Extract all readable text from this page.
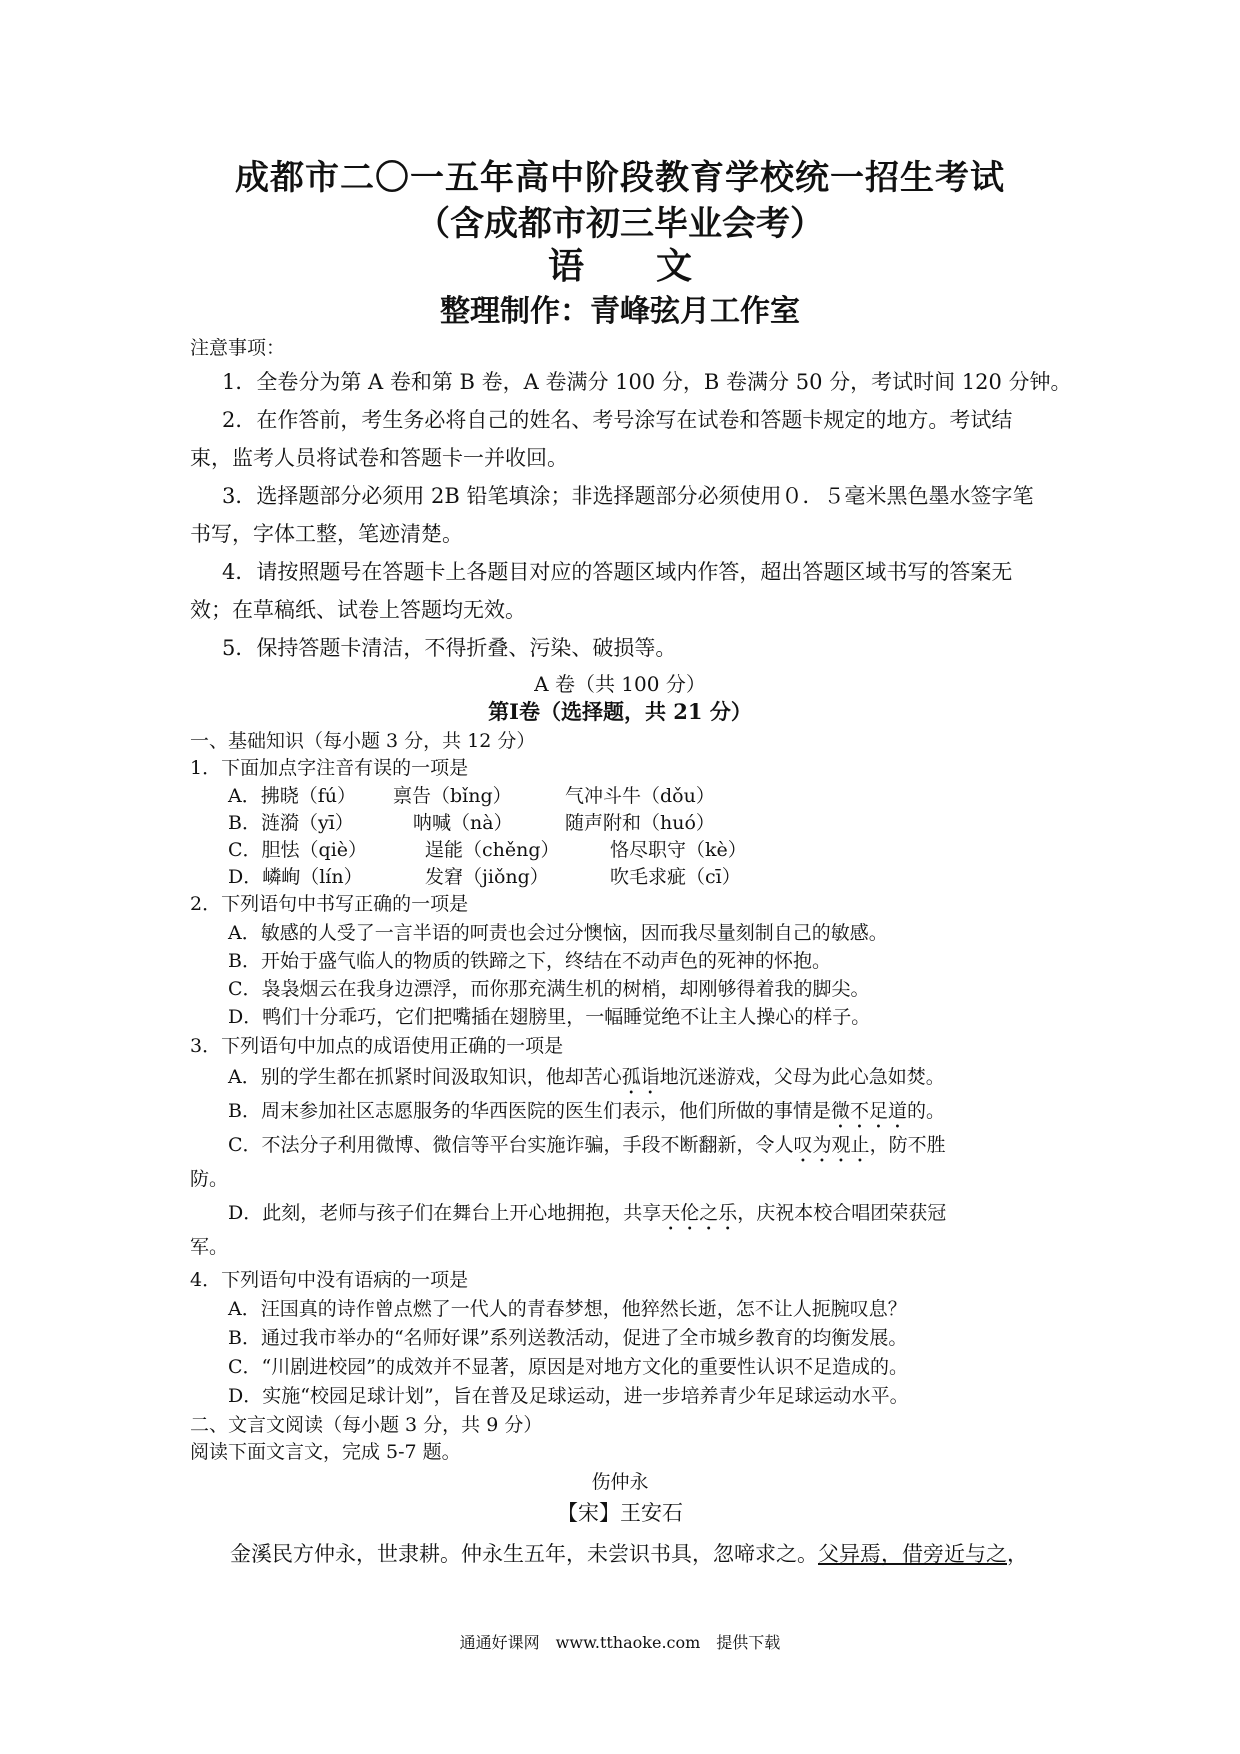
成都市二〇一五年高中阶段教育学校统一招生考试
（含成都市初三毕业会考）
语　　文
整理制作：青峰弦月工作室
注意事项：
1．全卷分为第 A 卷和第 B 卷，A 卷满分 100 分，B 卷满分 50 分，考试时间 120 分钟。
2．在作答前，考生务必将自己的姓名、考号涂写在试卷和答题卡规定的地方。考试结
束，监考人员将试卷和答题卡一并收回。
3．选择题部分必须用 2B 铅笔填涂；非选择题部分必须使用０．５毫米黑色墨水签字笔
书写，字体工整，笔迹清楚。
4．请按照题号在答题卡上各题目对应的答题区域内作答，超出答题区域书写的答案无
效；在草稿纸、试卷上答题均无效。
5．保持答题卡清洁，不得折叠、污染、破损等。
A 卷（共 100 分）
第Ⅰ卷（选择题，共 21 分）
一、基础知识（每小题 3 分，共 12 分）
1．下面加点字注音有误的一项是
A．拂晓（fú） 禀告（bǐng）	气冲斗牛（dǒu）
B．涟漪（yī）	呐喊（nà）	随声附和（huó）
C．胆怯（qiè）	逞能（chěng）	恪尽职守（kè）
D．嶙峋（lín）	发窘（jiǒng）	吹毛求疵（cī）
2．下列语句中书写正确的一项是
A．敏感的人受了一言半语的呵责也会过分懊恼，因而我尽量刻制自己的敏感。
B．开始于盛气临人的物质的铁蹄之下，终结在不动声色的死神的怀抱。
C．袅袅烟云在我身边漂浮，而你那充满生机的树梢，却刚够得着我的脚尖。
D．鸭们十分乖巧，它们把嘴插在翅膀里，一幅睡觉绝不让主人操心的样子。
3．下列语句中加点的成语使用正确的一项是
A．别的学生都在抓紧时间汲取知识，他却苦心孤诣地沉迷游戏，父母为此心急如焚。
B．周末参加社区志愿服务的华西医院的医生们表示，他们所做的事情是微不足道的。
C．不法分子利用微博、微信等平台实施诈骗，手段不断翻新，令人叹为观止，防不胜
防。
D．此刻，老师与孩子们在舞台上开心地拥抱，共享天伦之乐，庆祝本校合唱团荣获冠
军。
4．下列语句中没有语病的一项是
A．汪国真的诗作曾点燃了一代人的青春梦想，他猝然长逝，怎不让人扼腕叹息？
B．通过我市举办的“名师好课”系列送教活动，促进了全市城乡教育的均衡发展。
C．“川剧进校园”的成效并不显著，原因是对地方文化的重要性认识不足造成的。
D．实施“校园足球计划”，旨在普及足球运动，进一步培养青少年足球运动水平。
二、文言文阅读（每小题 3 分，共 9 分）
阅读下面文言文，完成 5-7 题。
伤仲永
【宋】王安石
金溪民方仲永，世隶耕。仲永生五年，未尝识书具，忽啼求之。父异焉，借旁近与之，
通通好课网　www.tthaoke.com　提供下载
